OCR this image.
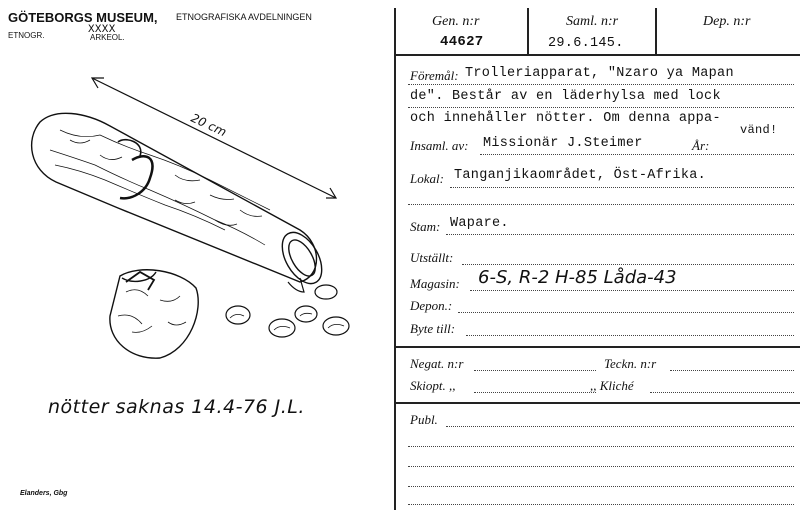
GÖTEBORGS MUSEUM, ETNOGRAFISKA AVDELNINGEN
ETNOGR.	ARKEOL.
XXXX
20 cm
nötter saknas 14.4-76 J.L.
Elanders, Gbg
Gen. n:r
44627
Saml. n:r
29.6.145.
Dep. n:r
Föremål: Trolleriapparat, "Nzaro ya Mapan
de". Består av en läderhylsa med lock
och innehåller nötter. Om denna appa-
vänd!
Insaml. av: Missionär J.Steimer	År:
Lokal: Tanganjikaområdet, Öst-Afrika.
Stam: Wapare.
Utställt:
Magasin: 6-S, R-2 H-85 Låda-43
Depon.:
Byte till:
Negat. n:r	Teckn. n:r
Skiopt. ,,	,, Kliché
Publ.
